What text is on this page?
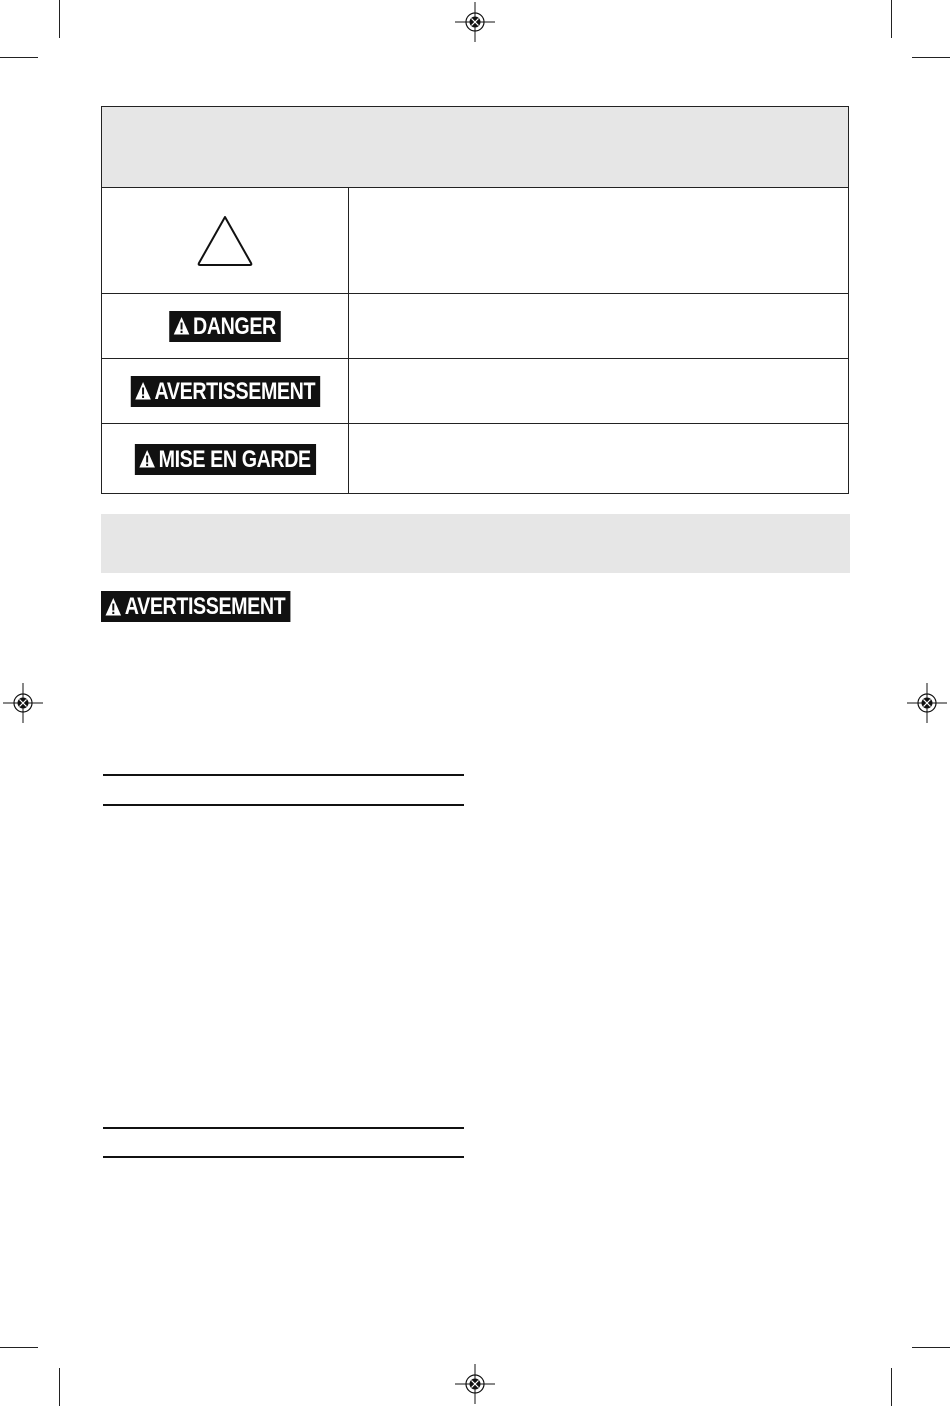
DANGER
AVERTISSEMENT
MISE EN GARDE
AVERTISSEMENT
